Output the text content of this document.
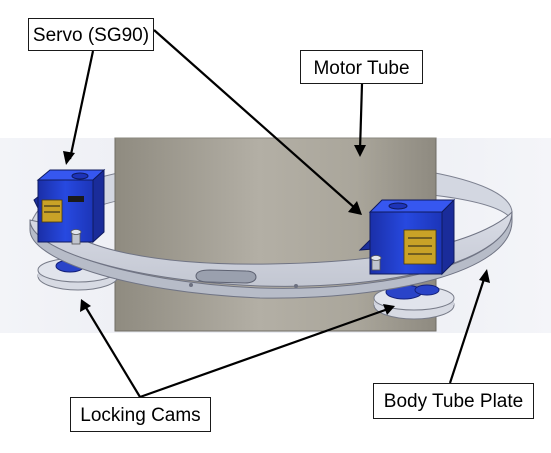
Servo (SG90)
Motor Tube
Locking Cams
Body Tube Plate
